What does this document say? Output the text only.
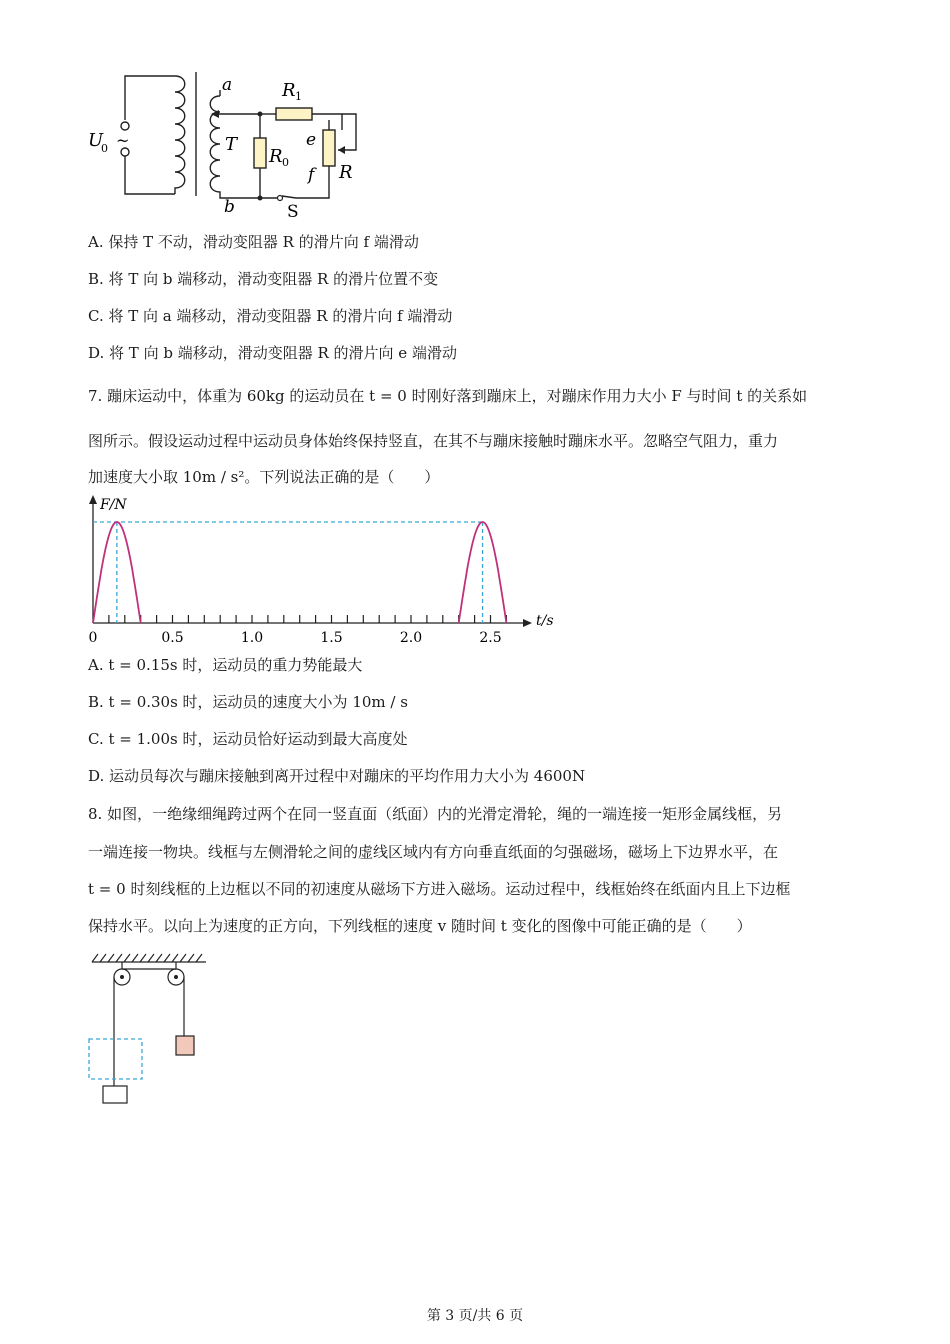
U
0 ~
a
b
T
R 1
R 0
e
f R
S
A. 保持 T 不动，滑动变阻器 R 的滑片向 f 端滑动
B. 将 T 向 b 端移动，滑动变阻器 R 的滑片位置不变
C. 将 T 向 a 端移动，滑动变阻器 R 的滑片向 f 端滑动
D. 将 T 向 b 端移动，滑动变阻器 R 的滑片向 e 端滑动
7. 蹦床运动中，体重为 60kg 的运动员在 t = 0 时刚好落到蹦床上，对蹦床作用力大小 F 与时间 t 的关系如
图所示。假设运动过程中运动员身体始终保持竖直，在其不与蹦床接触时蹦床水平。忽略空气阻力，重力
加速度大小取 10m / s²。下列说法正确的是（　　）
0	0.5	1.0	1.5	2.0	2.5
F/N
t/s
A. t = 0.15s 时，运动员的重力势能最大
B. t = 0.30s 时，运动员的速度大小为 10m / s
C. t = 1.00s 时，运动员恰好运动到最大高度处
D. 运动员每次与蹦床接触到离开过程中对蹦床的平均作用力大小为 4600N
8. 如图，一绝缘细绳跨过两个在同一竖直面（纸面）内的光滑定滑轮，绳的一端连接一矩形金属线框，另
一端连接一物块。线框与左侧滑轮之间的虚线区域内有方向垂直纸面的匀强磁场，磁场上下边界水平，在
t = 0 时刻线框的上边框以不同的初速度从磁场下方进入磁场。运动过程中，线框始终在纸面内且上下边框
保持水平。以向上为速度的正方向，下列线框的速度 v 随时间 t 变化的图像中可能正确的是（　　）
第 3 页/共 6 页
